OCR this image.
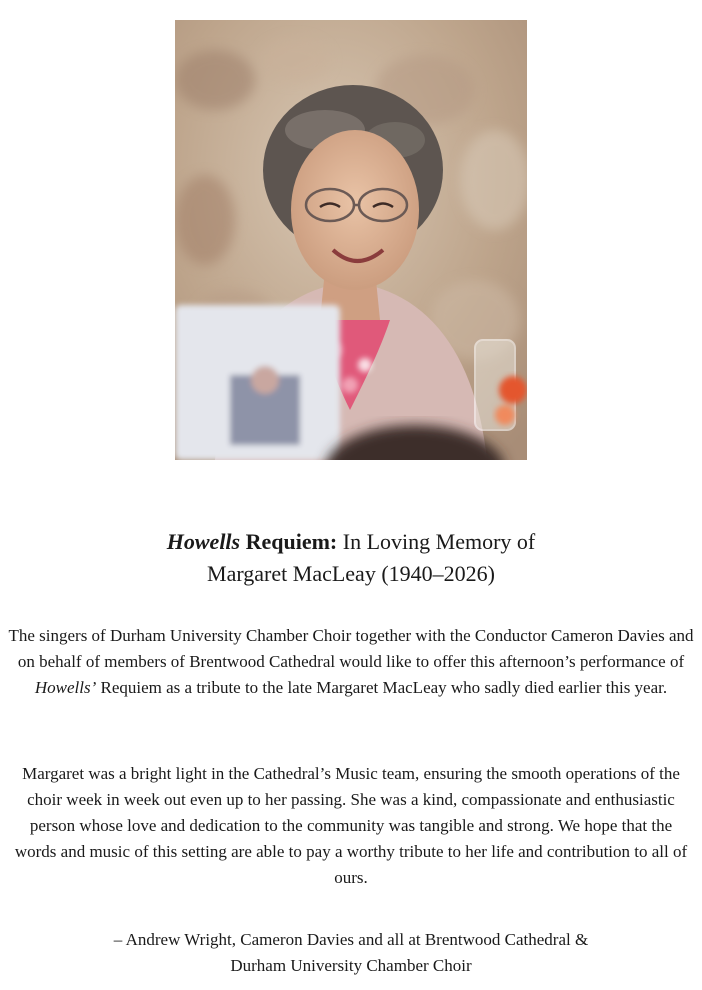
Howells Requiem: In Loving Memory of
Margaret MacLeay (1940–2026)

The singers of Durham University Chamber Choir together with the Conductor Cameron Davies and on behalf of members of Brentwood Cathedral would like to offer this afternoon’s performance of Howells’ Requiem as a tribute to the late Margaret MacLeay who sadly died earlier this year.

Margaret was a bright light in the Cathedral’s Music team, ensuring the smooth operations of the choir week in week out even up to her passing. She was a kind, compassionate and enthusiastic person whose love and dedication to the community was tangible and strong. We hope that the words and music of this setting are able to pay a worthy tribute to her life and contribution to all of ours.

– Andrew Wright, Cameron Davies and all at Brentwood Cathedral &
Durham University Chamber Choir
